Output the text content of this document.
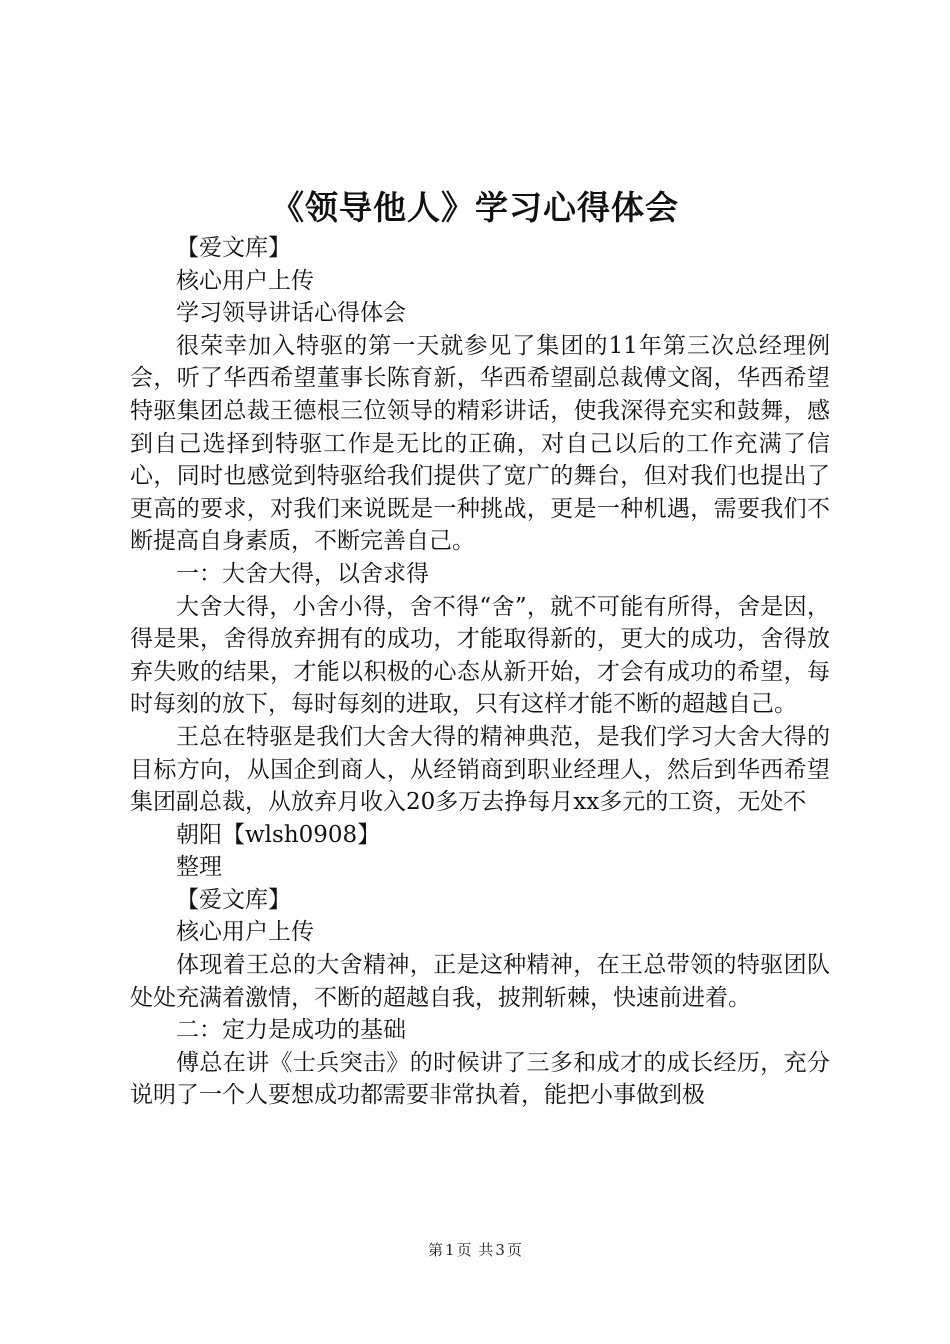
《领导他人》学习心得体会

【爱文库】

核心用户上传

学习领导讲话心得体会

很荣幸加入特驱的第一天就参见了集团的11年第三次总经理例会，听了华西希望董事长陈育新，华西希望副总裁傅文阁，华西希望特驱集团总裁王德根三位领导的精彩讲话，使我深得充实和鼓舞，感到自己选择到特驱工作是无比的正确，对自己以后的工作充满了信心，同时也感觉到特驱给我们提供了宽广的舞台，但对我们也提出了更高的要求，对我们来说既是一种挑战，更是一种机遇，需要我们不断提高自身素质，不断完善自己。

一：大舍大得，以舍求得

大舍大得，小舍小得，舍不得“舍”，就不可能有所得，舍是因，得是果，舍得放弃拥有的成功，才能取得新的，更大的成功，舍得放弃失败的结果，才能以积极的心态从新开始，才会有成功的希望，每时每刻的放下，每时每刻的进取，只有这样才能不断的超越自己。

王总在特驱是我们大舍大得的精神典范，是我们学习大舍大得的目标方向，从国企到商人，从经销商到职业经理人，然后到华西希望集团副总裁，从放弃月收入20多万去挣每月xx多元的工资，无处不

朝阳【wlsh0908】

整理

【爱文库】

核心用户上传

体现着王总的大舍精神，正是这种精神，在王总带领的特驱团队处处充满着激情，不断的超越自我，披荆斩棘，快速前进着。

二：定力是成功的基础

傅总在讲《士兵突击》的时候讲了三多和成才的成长经历，充分说明了一个人要想成功都需要非常执着，能把小事做到极

第 1 页 共 3 页
